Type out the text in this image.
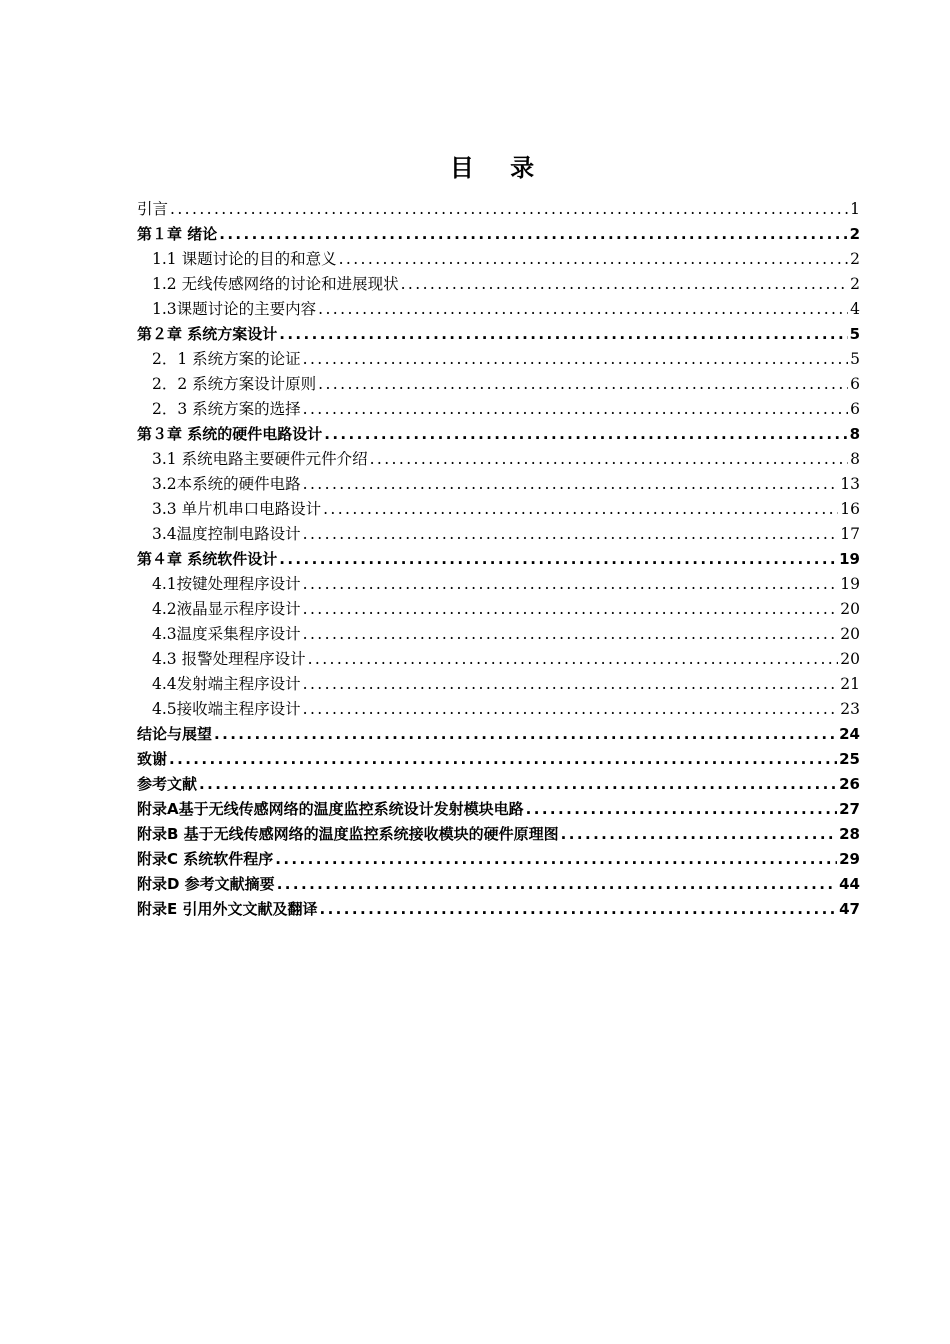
目 录
引言 .....	1
第１章 绪论 .....	2
1.1 课题讨论的目的和意义 .....	2
1.2 无线传感网络的讨论和进展现状 .....	2
1.3课题讨论的主要内容 .....	4
第２章 系统方案设计 .....	5
2．1 系统方案的论证 .....	5
2．2 系统方案设计原则 .....	6
2．3 系统方案的选择 .....	6
第３章 系统的硬件电路设计 .....	8
3.1 系统电路主要硬件元件介绍 .....	8
3.2本系统的硬件电路 .....	13
3.3 单片机串口电路设计 .....	16
3.4温度控制电路设计 .....	17
第４章 系统软件设计 .....	19
4.1按键处理程序设计 .....	19
4.2液晶显示程序设计 .....	20
4.3温度采集程序设计 .....	20
4.3 报警处理程序设计 .....	20
4.4发射端主程序设计 .....	21
4.5接收端主程序设计 .....	23
结论与展望 .....	24
致谢 .....	25
参考文献 .....	26
附录A基于无线传感网络的温度监控系统设计发射模块电路 .....	27
附录B 基于无线传感网络的温度监控系统接收模块的硬件原理图 .....	28
附录C 系统软件程序 .....	29
附录D 参考文献摘要 .....	44
附录E 引用外文文献及翻译 .....	47
